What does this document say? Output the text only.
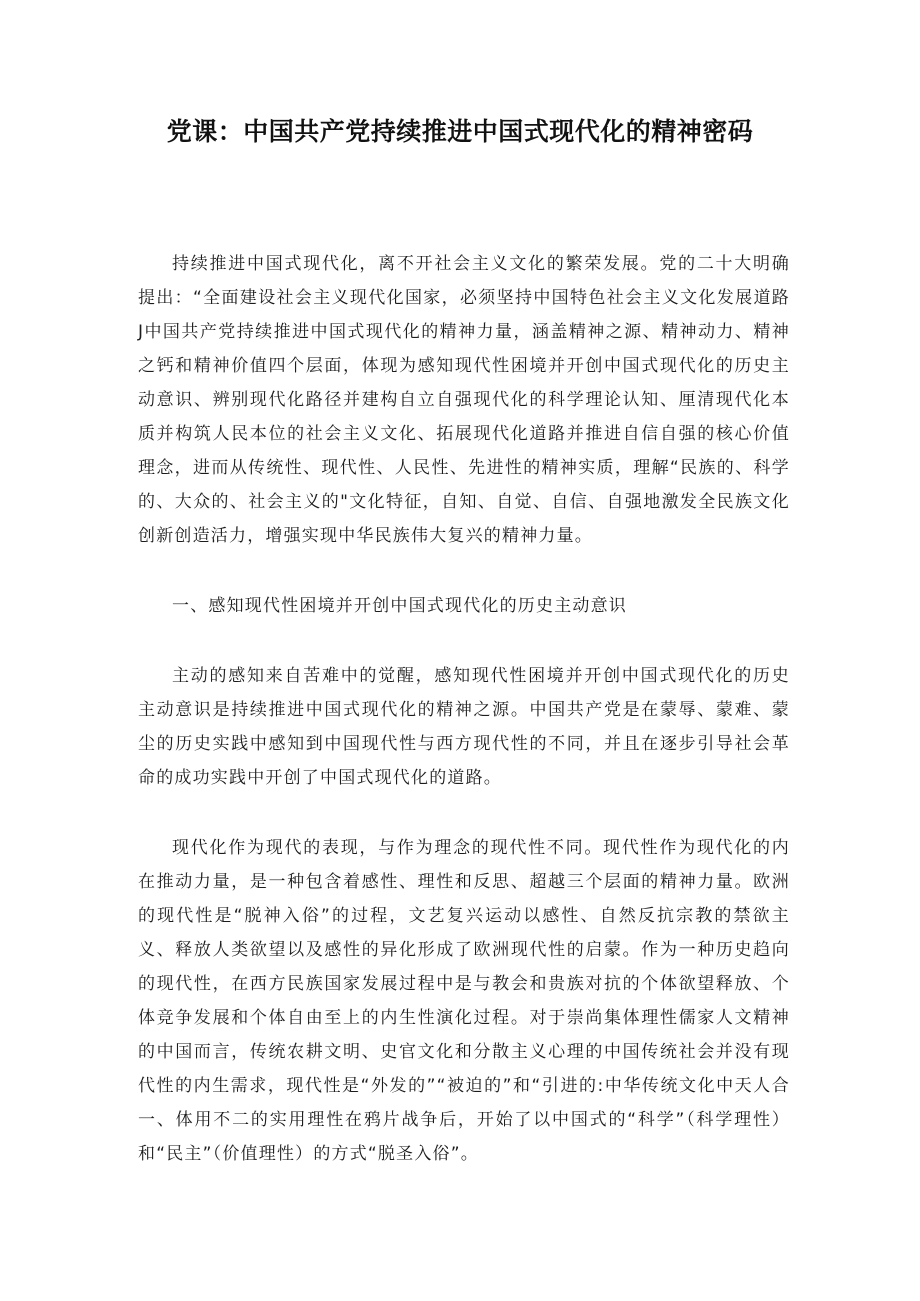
党课：中国共产党持续推进中国式现代化的精神密码

持续推进中国式现代化，离不开社会主义文化的繁荣发展。党的二十大明确提出：“全面建设社会主义现代化国家，必须坚持中国特色社会主义文化发展道路J中国共产党持续推进中国式现代化的精神力量，涵盖精神之源、精神动力、精神之钙和精神价值四个层面，体现为感知现代性困境并开创中国式现代化的历史主动意识、辨别现代化路径并建构自立自强现代化的科学理论认知、厘清现代化本质并构筑人民本位的社会主义文化、拓展现代化道路并推进自信自强的核心价值理念，进而从传统性、现代性、人民性、先进性的精神实质，理解“民族的、科学的、大众的、社会主义的"文化特征，自知、自觉、自信、自强地激发全民族文化创新创造活力，增强实现中华民族伟大复兴的精神力量。

一、感知现代性困境并开创中国式现代化的历史主动意识

主动的感知来自苦难中的觉醒，感知现代性困境并开创中国式现代化的历史主动意识是持续推进中国式现代化的精神之源。中国共产党是在蒙辱、蒙难、蒙尘的历史实践中感知到中国现代性与西方现代性的不同，并且在逐步引导社会革命的成功实践中开创了中国式现代化的道路。

现代化作为现代的表现，与作为理念的现代性不同。现代性作为现代化的内在推动力量，是一种包含着感性、理性和反思、超越三个层面的精神力量。欧洲的现代性是“脱神入俗”的过程，文艺复兴运动以感性、自然反抗宗教的禁欲主义、释放人类欲望以及感性的异化形成了欧洲现代性的启蒙。作为一种历史趋向的现代性，在西方民族国家发展过程中是与教会和贵族对抗的个体欲望释放、个体竞争发展和个体自由至上的内生性演化过程。对于崇尚集体理性儒家人文精神的中国而言，传统农耕文明、史官文化和分散主义心理的中国传统社会并没有现代性的内生需求，现代性是“外发的”“被迫的”和“引进的:中华传统文化中天人合一、体用不二的实用理性在鸦片战争后，开始了以中国式的“科学”（科学理性）和“民主”（价值理性）的方式“脱圣入俗”。
